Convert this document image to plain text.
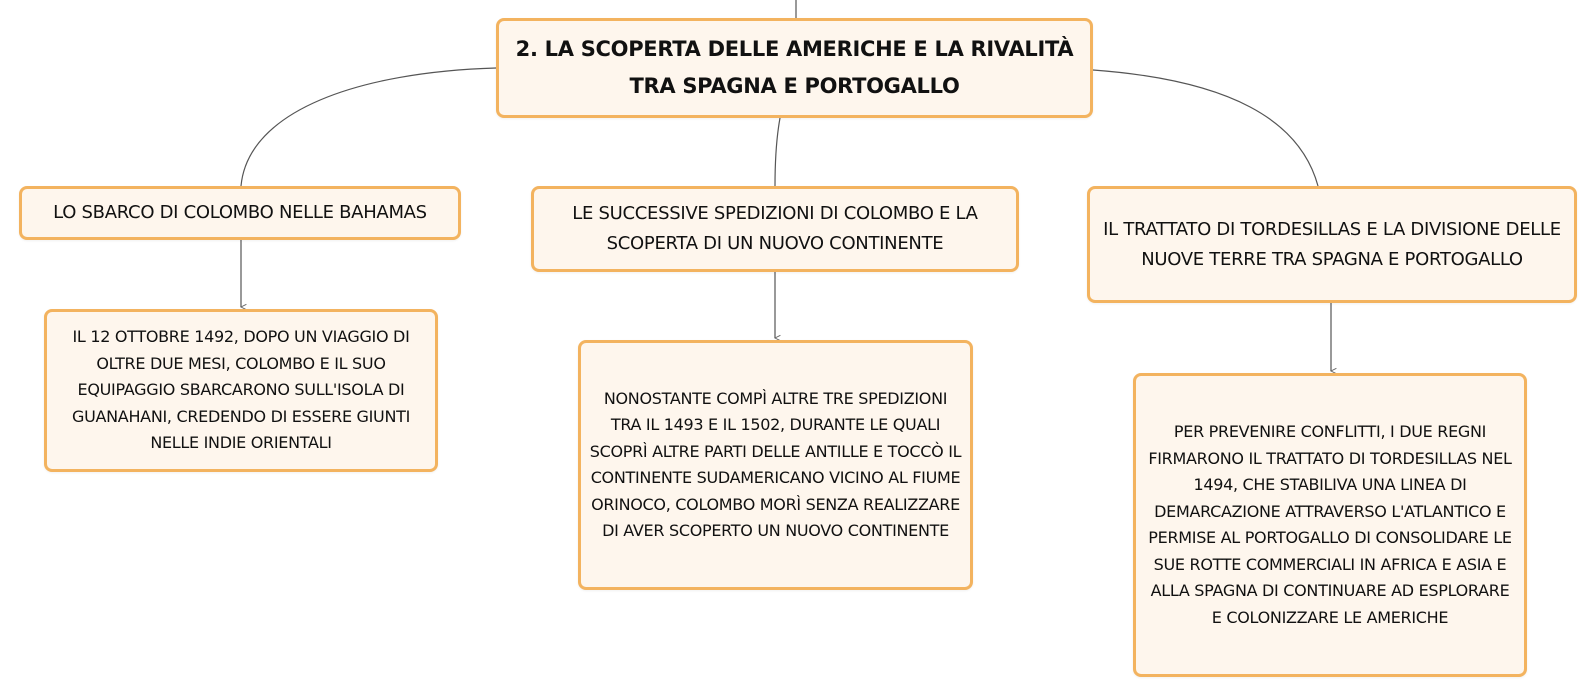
2. LA SCOPERTA DELLE AMERICHE E LA RIVALITÀ TRA SPAGNA E PORTOGALLO
LO SBARCO DI COLOMBO NELLE BAHAMAS	LE SUCCESSIVE SPEDIZIONI DI COLOMBO E LA SCOPERTA DI UN NUOVO CONTINENTE
IL TRATTATO DI TORDESILLAS E LA DIVISIONE DELLE NUOVE TERRE TRA SPAGNA E PORTOGALLO
IL 12 OTTOBRE 1492, DOPO UN VIAGGIO DI OLTRE DUE MESI, COLOMBO E IL SUO EQUIPAGGIO SBARCARONO SULL'ISOLA DI GUANAHANI, CREDENDO DI ESSERE GIUNTI NELLE INDIE ORIENTALI
NONOSTANTE COMPÌ ALTRE TRE SPEDIZIONI TRA IL 1493 E IL 1502, DURANTE LE QUALI SCOPRÌ ALTRE PARTI DELLE ANTILLE E TOCCÒ IL CONTINENTE SUDAMERICANO VICINO AL FIUME ORINOCO, COLOMBO MORÌ SENZA REALIZZARE DI AVER SCOPERTO UN NUOVO CONTINENTE
PER PREVENIRE CONFLITTI, I DUE REGNI FIRMARONO IL TRATTATO DI TORDESILLAS NEL 1494, CHE STABILIVA UNA LINEA DI DEMARCAZIONE ATTRAVERSO L'ATLANTICO E PERMISE AL PORTOGALLO DI CONSOLIDARE LE SUE ROTTE COMMERCIALI IN AFRICA E ASIA E ALLA SPAGNA DI CONTINUARE AD ESPLORARE E COLONIZZARE LE AMERICHE
